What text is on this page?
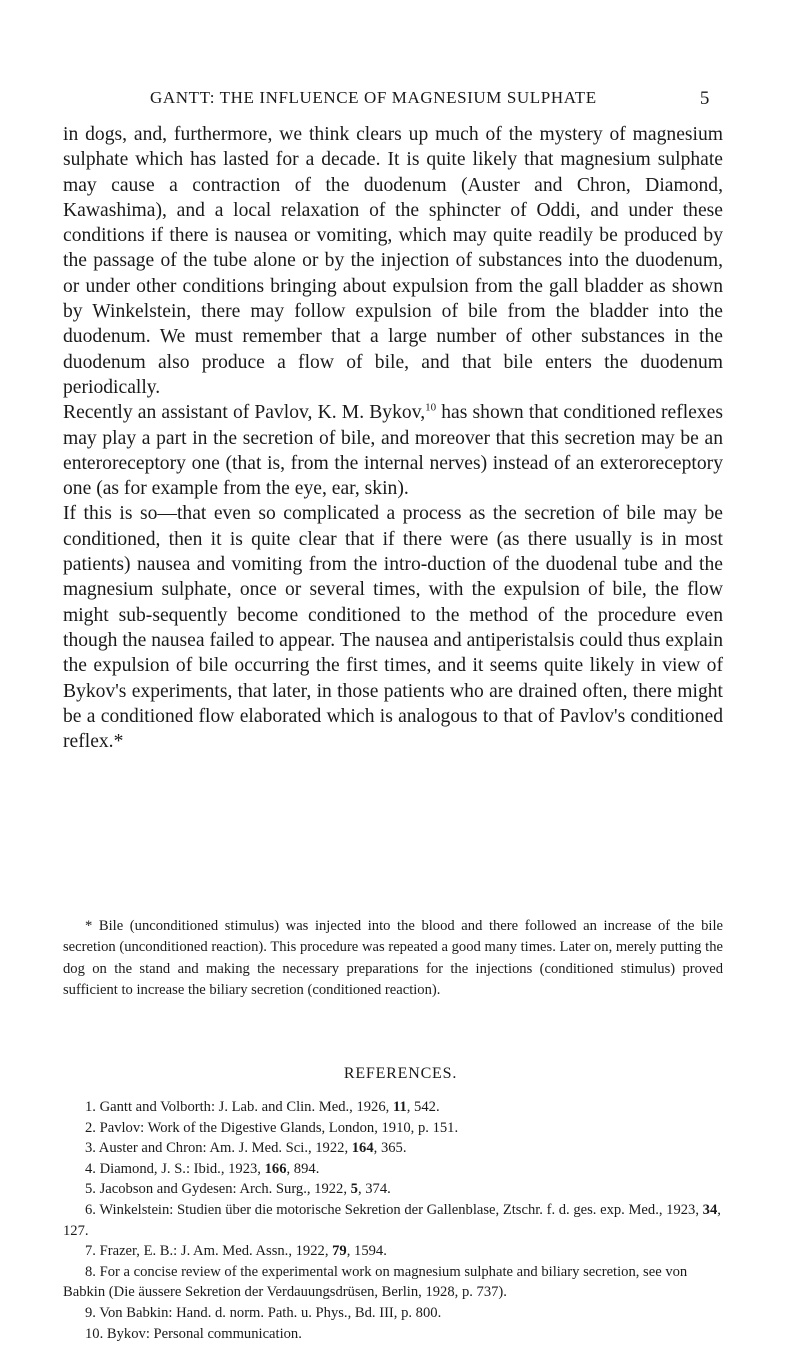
GANTT: THE INFLUENCE OF MAGNESIUM SULPHATE	5

in dogs, and, furthermore, we think clears up much of the mystery of magnesium sulphate which has lasted for a decade. It is quite likely that magnesium sulphate may cause a contraction of the duodenum (Auster and Chron, Diamond, Kawashima), and a local relaxation of the sphincter of Oddi, and under these conditions if there is nausea or vomiting, which may quite readily be produced by the passage of the tube alone or by the injection of substances into the duodenum, or under other conditions bringing about expulsion from the gall bladder as shown by Winkelstein, there may follow expulsion of bile from the bladder into the duodenum. We must remember that a large number of other substances in the duodenum also produce a flow of bile, and that bile enters the duodenum periodically.

Recently an assistant of Pavlov, K. M. Bykov,$^{10}$ has shown that conditioned reflexes may play a part in the secretion of bile, and moreover that this secretion may be an enteroreceptory one (that is, from the internal nerves) instead of an exteroreceptory one (as for example from the eye, ear, skin).

If this is so—that even so complicated a process as the secretion of bile may be conditioned, then it is quite clear that if there were (as there usually is in most patients) nausea and vomiting from the intro-duction of the duodenal tube and the magnesium sulphate, once or several times, with the expulsion of bile, the flow might sub-sequently become conditioned to the method of the procedure even though the nausea failed to appear. The nausea and antiperistalsis could thus explain the expulsion of bile occurring the first times, and it seems quite likely in view of Bykov's experiments, that later, in those patients who are drained often, there might be a conditioned flow elaborated which is analogous to that of Pavlov's conditioned reflex.*

* Bile (unconditioned stimulus) was injected into the blood and there followed an increase of the bile secretion (unconditioned reaction). This procedure was repeated a good many times. Later on, merely putting the dog on the stand and making the necessary preparations for the injections (conditioned stimulus) proved sufficient to increase the biliary secretion (conditioned reaction).

REFERENCES.
1. Gantt and Volborth: J. Lab. and Clin. Med., 1926, 11, 542.
2. Pavlov: Work of the Digestive Glands, London, 1910, p. 151.
3. Auster and Chron: Am. J. Med. Sci., 1922, 164, 365.
4. Diamond, J. S.: Ibid., 1923, 166, 894.
5. Jacobson and Gydesen: Arch. Surg., 1922, 5, 374.
6. Winkelstein: Studien über die motorische Sekretion der Gallenblase, Ztschr. f. d. ges. exp. Med., 1923, 34, 127.
7. Frazer, E. B.: J. Am. Med. Assn., 1922, 79, 1594.
8. For a concise review of the experimental work on magnesium sulphate and biliary secretion, see von Babkin (Die äussere Sekretion der Verdauungsdrüsen, Berlin, 1928, p. 737).
9. Von Babkin: Hand. d. norm. Path. u. Phys., Bd. III, p. 800.
10. Bykov: Personal communication.
